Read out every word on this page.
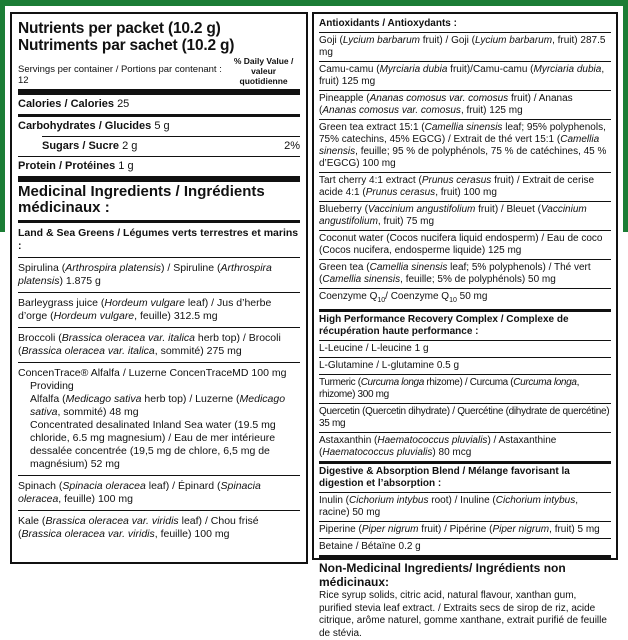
Nutrients per packet (10.2 g)
Nutriments par sachet (10.2 g)
Servings per container / Portions par contenant : 12
% Daily Value /
valeur quotidienne
Calories / Calories 25
Carbohydrates / Glucides 5 g
Sugars / Sucre 2 g	2%
Protein / Protéines 1 g
Medicinal Ingredients / Ingrédients
médicinaux :
Land & Sea Greens / Légumes verts terrestres et marins :
Spirulina (Arthrospira platensis) / Spiruline (Arthrospira platensis) 1.875 g
Barleygrass juice (Hordeum vulgare leaf) / Jus d’herbe d’orge (Hordeum vulgare, feuille) 312.5 mg
Broccoli (Brassica oleracea var. italica herb top) / Brocoli (Brassica oleracea var. italica, sommité) 275 mg
ConcenTrace® Alfalfa / Luzerne ConcenTraceMD 100 mg
Providing
Alfalfa (Medicago sativa herb top) / Luzerne (Medicago sativa, sommité) 48 mg
Concentrated desalinated Inland Sea water (19.5 mg chloride, 6.5 mg magnesium) / Eau de mer intérieure dessalée concentrée (19,5 mg de chlore, 6,5 mg de magnésium) 52 mg
Spinach (Spinacia oleracea leaf) / Épinard (Spinacia oleracea, feuille) 100 mg
Kale (Brassica oleracea var. viridis leaf) / Chou frisé (Brassica oleracea var. viridis, feuille) 100 mg
Antioxidants / Antioxydants :
Goji (Lycium barbarum fruit) / Goji (Lycium barbarum, fruit) 287.5 mg
Camu-camu (Myrciaria dubia fruit)/Camu-camu (Myrciaria dubia, fruit) 125 mg
Pineapple (Ananas comosus var. comosus fruit) / Ananas (Ananas comosus var. comosus, fruit) 125 mg
Green tea extract 15:1 (Camellia sinensis leaf; 95% polyphenols, 75% catechins, 45% EGCG) / Extrait de thé vert 15:1 (Camellia sinensis, feuille; 95 % de polyphénols, 75 % de catéchines, 45 % d’EGCG) 100 mg
Tart cherry 4:1 extract (Prunus cerasus fruit) / Extrait de cerise acide 4:1 (Prunus cerasus, fruit) 100 mg
Blueberry (Vaccinium angustifolium fruit) / Bleuet (Vaccinium angustifolium, fruit) 75 mg
Coconut water (Cocos nucifera liquid endosperm) / Eau de coco (Cocos nucifera, endosperme liquide) 125 mg
Green tea (Camellia sinensis leaf; 5% polyphenols) / Thé vert (Camellia sinensis, feuille; 5% de polyphénols) 50 mg
Coenzyme $Q_{10}/$ Coenzyme $Q_{10}$ 50 mg
High Performance Recovery Complex / Complexe de récupération haute performance :
L-Leucine / L-leucine 1 g
L-Glutamine / L-glutamine 0.5 g
Turmeric (Curcuma longa rhizome) / Curcuma (Curcuma longa, rhizome) 300 mg
Quercetin (Quercetin dihydrate) / Quercétine (dihydrate de quercétine) 35 mg
Astaxanthin (Haematococcus pluvialis) / Astaxanthine (Haematococcus pluvialis) 80 mcg
Digestive & Absorption Blend / Mélange favorisant la digestion et l’absorption :
Inulin (Cichorium intybus root) / Inuline (Cichorium intybus, racine) 50 mg
Piperine (Piper nigrum fruit) / Pipérine (Piper nigrum, fruit) 5 mg
Betaine / Bétaïne 0.2 g
Non-Medicinal Ingredients/ Ingrédients non médicinaux:
Rice syrup solids, citric acid, natural flavour, xanthan gum, purified stevia leaf extract. / Extraits secs de sirop de riz, acide citrique, arôme naturel, gomme xanthane, extrait purifié de feuille de stévia.
